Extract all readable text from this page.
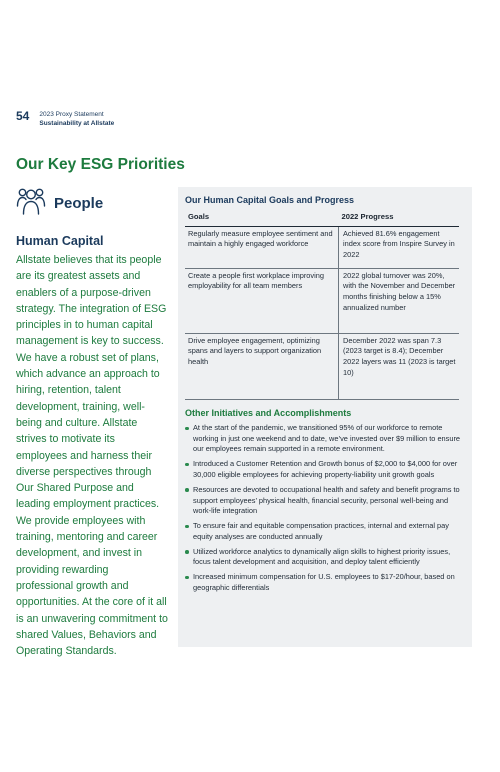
54 2023 Proxy Statement
Sustainability at Allstate
Our Key ESG Priorities
People
Human Capital

Allstate believes that its people are its greatest assets and enablers of a purpose-driven strategy. The integration of ESG principles in to human capital management is key to success. We have a robust set of plans, which advance an approach to hiring, retention, talent development, training, well-being and culture. Allstate strives to motivate its employees and harness their diverse perspectives through Our Shared Purpose and leading employment practices. We provide employees with training, mentoring and career development, and invest in providing rewarding professional growth and opportunities. At the core of it all is an unwavering commitment to shared Values, Behaviors and Operating Standards.

Our Human Capital Goals and Progress
Goals	2022 Progress
Regularly measure employee sentiment and maintain a highly engaged workforce	Achieved 81.6% engagement index score from Inspire Survey in 2022
Create a people first workplace improving employability for all team members	2022 global turnover was 20%, with the November and December months finishing below a 15% annualized number
Drive employee engagement, optimizing spans and layers to support organization health	December 2022 was span 7.3 (2023 target is 8.4); December 2022 layers was 11 (2023 is target 10)
Other Initiatives and Accomplishments
At the start of the pandemic, we transitioned 95% of our workforce to remote working in just one weekend and to date, we’ve invested over $9 million to ensure our employees remain supported in a remote environment.
Introduced a Customer Retention and Growth bonus of $2,000 to $4,000 for over 30,000 eligible employees for achieving property-liability unit growth goals
Resources are devoted to occupational health and safety and benefit programs to support employees’ physical health, financial security, personal well-being and work-life integration
To ensure fair and equitable compensation practices, internal and external pay equity analyses are conducted annually
Utilized workforce analytics to dynamically align skills to highest priority issues, focus talent development and acquisition, and deploy talent efficiently
Increased minimum compensation for U.S. employees to $17-20/hour, based on geographic differentials
